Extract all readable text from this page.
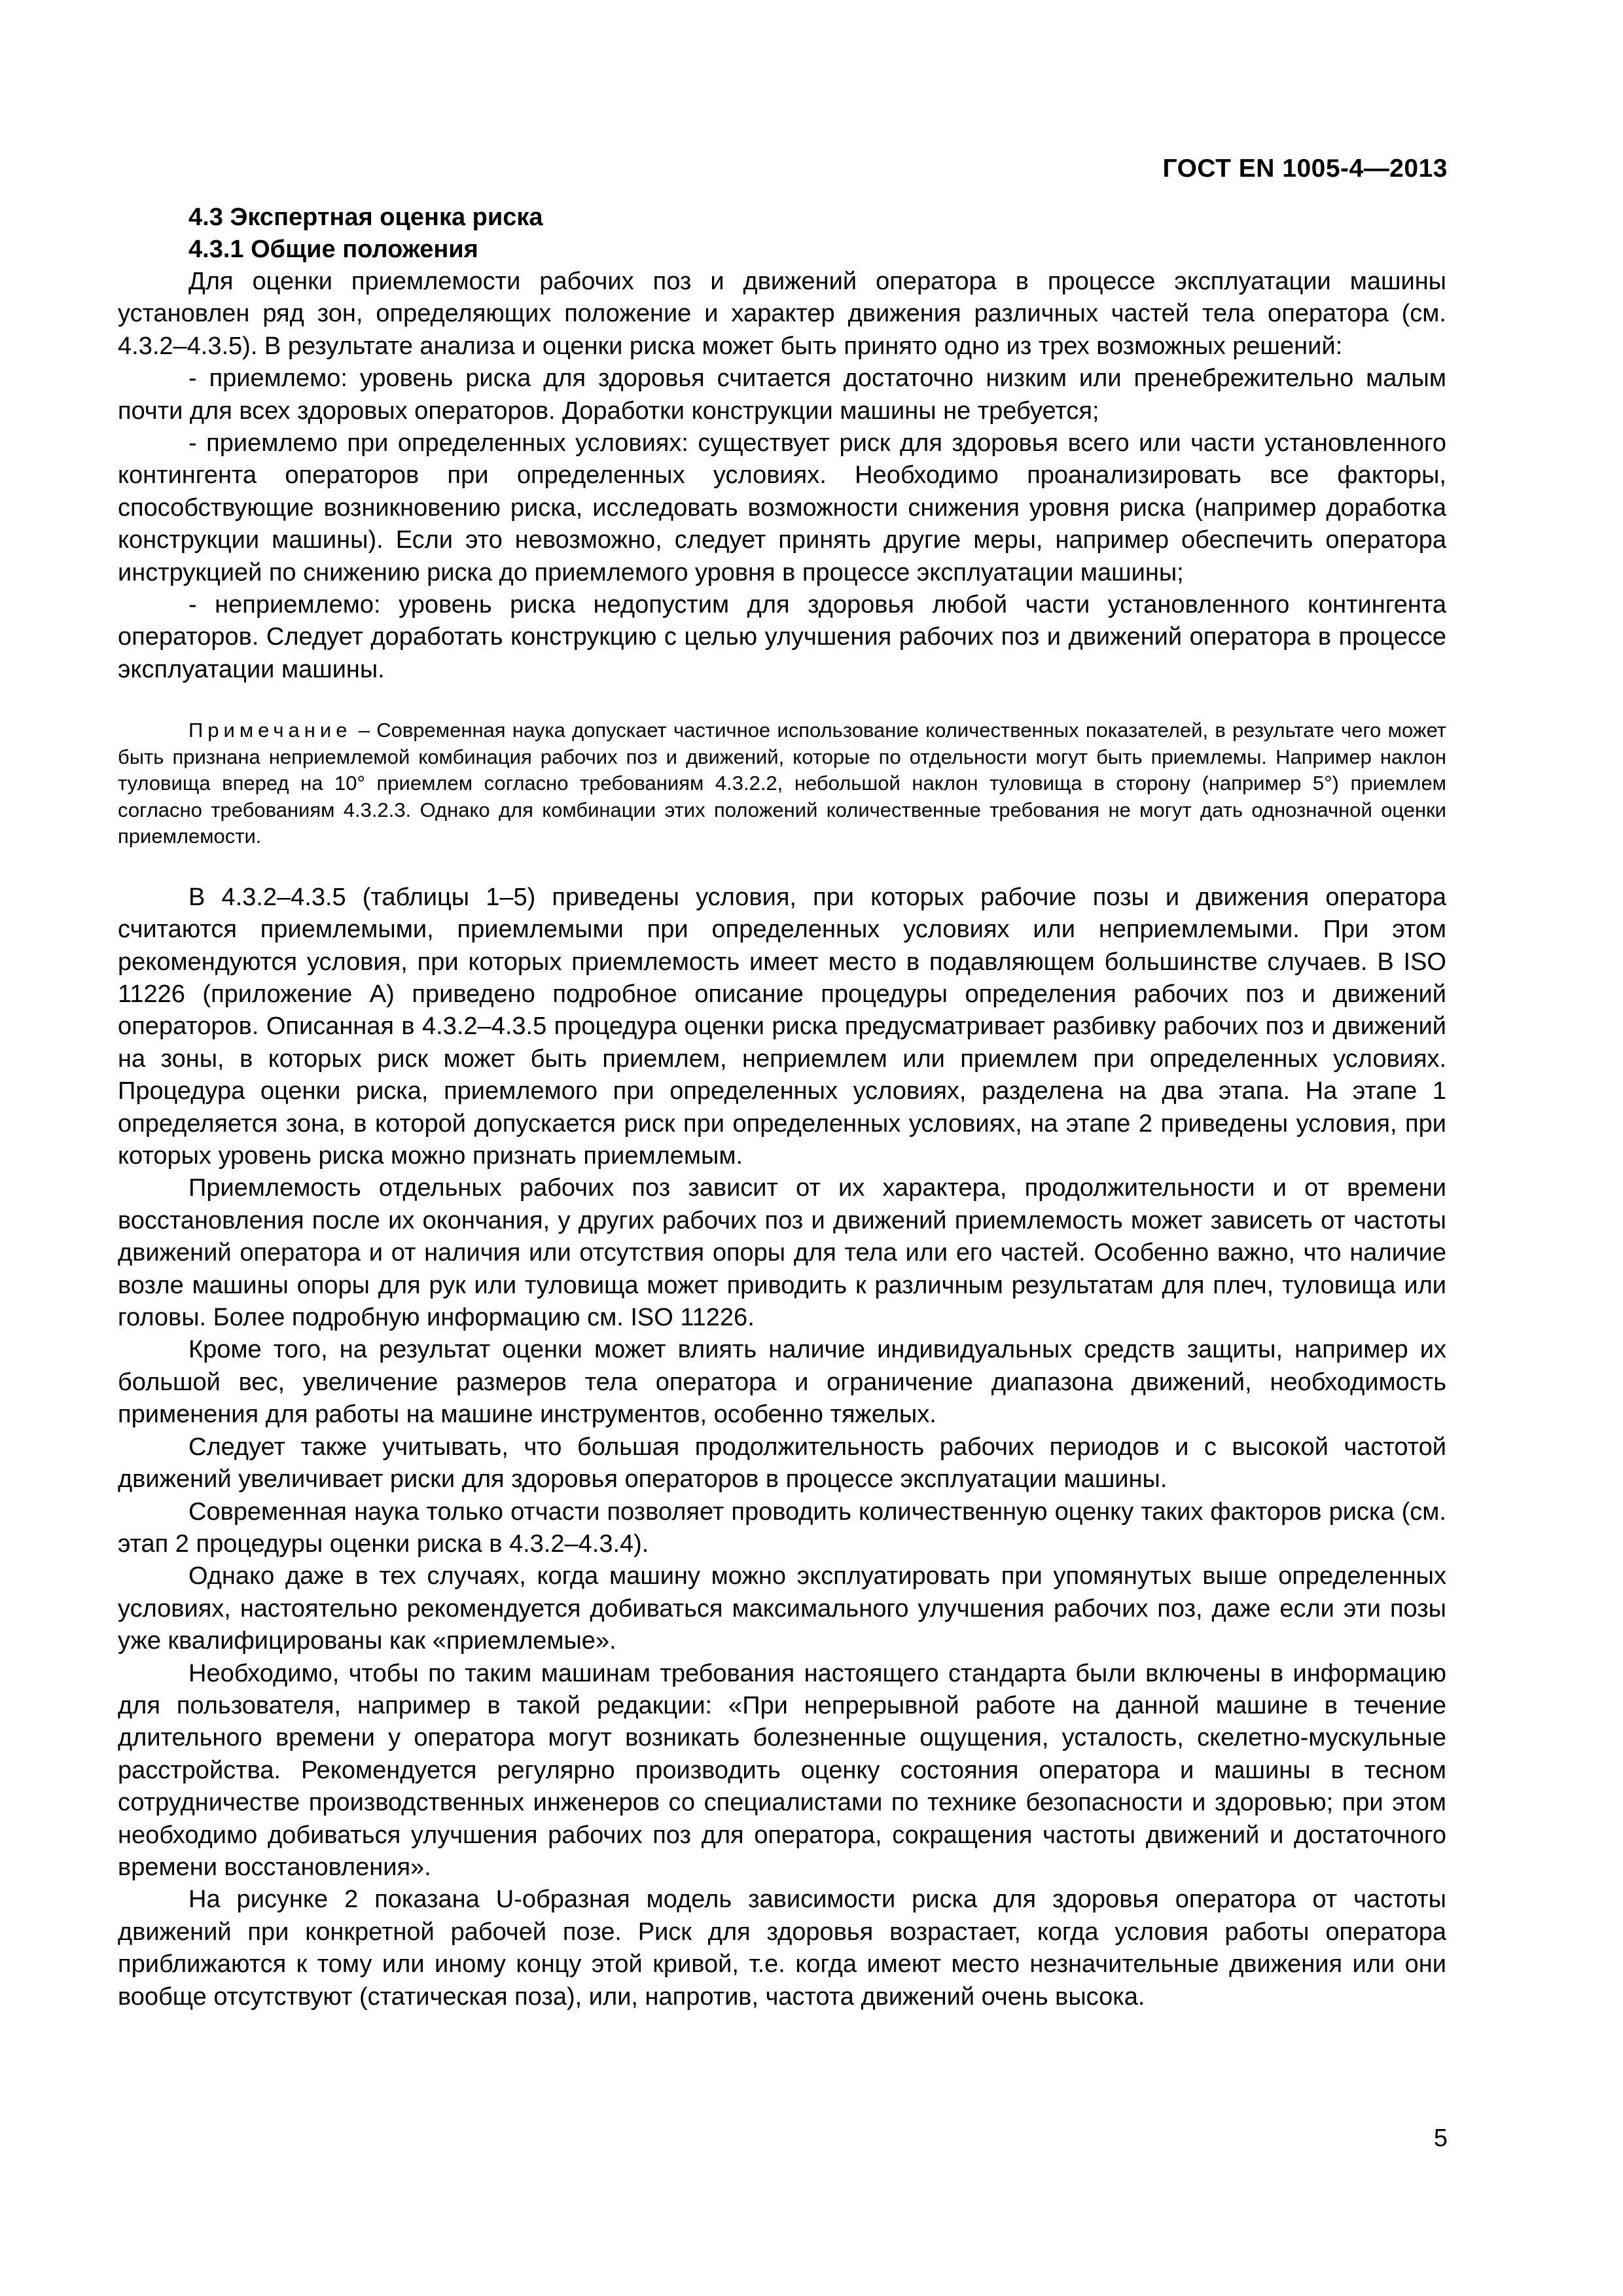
ГОСТ EN 1005-4—2013

4.3 Экспертная оценка риска
4.3.1 Общие положения

Для оценки приемлемости рабочих поз и движений оператора в процессе эксплуатации машины установлен ряд зон, определяющих положение и характер движения различных частей тела оператора (см. 4.3.2–4.3.5). В результате анализа и оценки риска может быть принято одно из трех возможных решений:

- приемлемо: уровень риска для здоровья считается достаточно низким или пренебрежительно малым почти для всех здоровых операторов. Доработки конструкции машины не требуется;

- приемлемо при определенных условиях: существует риск для здоровья всего или части установленного контингента операторов при определенных условиях. Необходимо проанализировать все факторы, способствующие возникновению риска, исследовать возможности снижения уровня риска (например доработка конструкции машины). Если это невозможно, следует принять другие меры, например обеспечить оператора инструкцией по снижению риска до приемлемого уровня в процессе эксплуатации машины;

- неприемлемо: уровень риска недопустим для здоровья любой части установленного контингента операторов. Следует доработать конструкцию с целью улучшения рабочих поз и движений оператора в процессе эксплуатации машины.

Примечание – Современная наука допускает частичное использование количественных показателей, в результате чего может быть признана неприемлемой комбинация рабочих поз и движений, которые по отдельности могут быть приемлемы. Например наклон туловища вперед на 10° приемлем согласно требованиям 4.3.2.2, небольшой наклон туловища в сторону (например 5°) приемлем согласно требованиям 4.3.2.3. Однако для комбинации этих положений количественные требования не могут дать однозначной оценки приемлемости.

В 4.3.2–4.3.5 (таблицы 1–5) приведены условия, при которых рабочие позы и движения оператора считаются приемлемыми, приемлемыми при определенных условиях или неприемлемыми. При этом рекомендуются условия, при которых приемлемость имеет место в подавляющем большинстве случаев. В ISO 11226 (приложение А) приведено подробное описание процедуры определения рабочих поз и движений операторов. Описанная в 4.3.2–4.3.5 процедура оценки риска предусматривает разбивку рабочих поз и движений на зоны, в которых риск может быть приемлем, неприемлем или приемлем при определенных условиях. Процедура оценки риска, приемлемого при определенных условиях, разделена на два этапа. На этапе 1 определяется зона, в которой допускается риск при определенных условиях, на этапе 2 приведены условия, при которых уровень риска можно признать приемлемым.

Приемлемость отдельных рабочих поз зависит от их характера, продолжительности и от времени восстановления после их окончания, у других рабочих поз и движений приемлемость может зависеть от частоты движений оператора и от наличия или отсутствия опоры для тела или его частей. Особенно важно, что наличие возле машины опоры для рук или туловища может приводить к различным результатам для плеч, туловища или головы. Более подробную информацию см. ISO 11226.

Кроме того, на результат оценки может влиять наличие индивидуальных средств защиты, например их большой вес, увеличение размеров тела оператора и ограничение диапазона движений, необходимость применения для работы на машине инструментов, особенно тяжелых.

Следует также учитывать, что большая продолжительность рабочих периодов и с высокой частотой движений увеличивает риски для здоровья операторов в процессе эксплуатации машины.

Современная наука только отчасти позволяет проводить количественную оценку таких факторов риска (см. этап 2 процедуры оценки риска в 4.3.2–4.3.4).

Однако даже в тех случаях, когда машину можно эксплуатировать при упомянутых выше определенных условиях, настоятельно рекомендуется добиваться максимального улучшения рабочих поз, даже если эти позы уже квалифицированы как «приемлемые».

Необходимо, чтобы по таким машинам требования настоящего стандарта были включены в информацию для пользователя, например в такой редакции: «При непрерывной работе на данной машине в течение длительного времени у оператора могут возникать болезненные ощущения, усталость, скелетно-мускульные расстройства. Рекомендуется регулярно производить оценку состояния оператора и машины в тесном сотрудничестве производственных инженеров со специалистами по технике безопасности и здоровью; при этом необходимо добиваться улучшения рабочих поз для оператора, сокращения частоты движений и достаточного времени восстановления».

На рисунке 2 показана U-образная модель зависимости риска для здоровья оператора от частоты движений при конкретной рабочей позе. Риск для здоровья возрастает, когда условия работы оператора приближаются к тому или иному концу этой кривой, т.е. когда имеют место незначительные движения или они вообще отсутствуют (статическая поза), или, напротив, частота движений очень высока.

5
